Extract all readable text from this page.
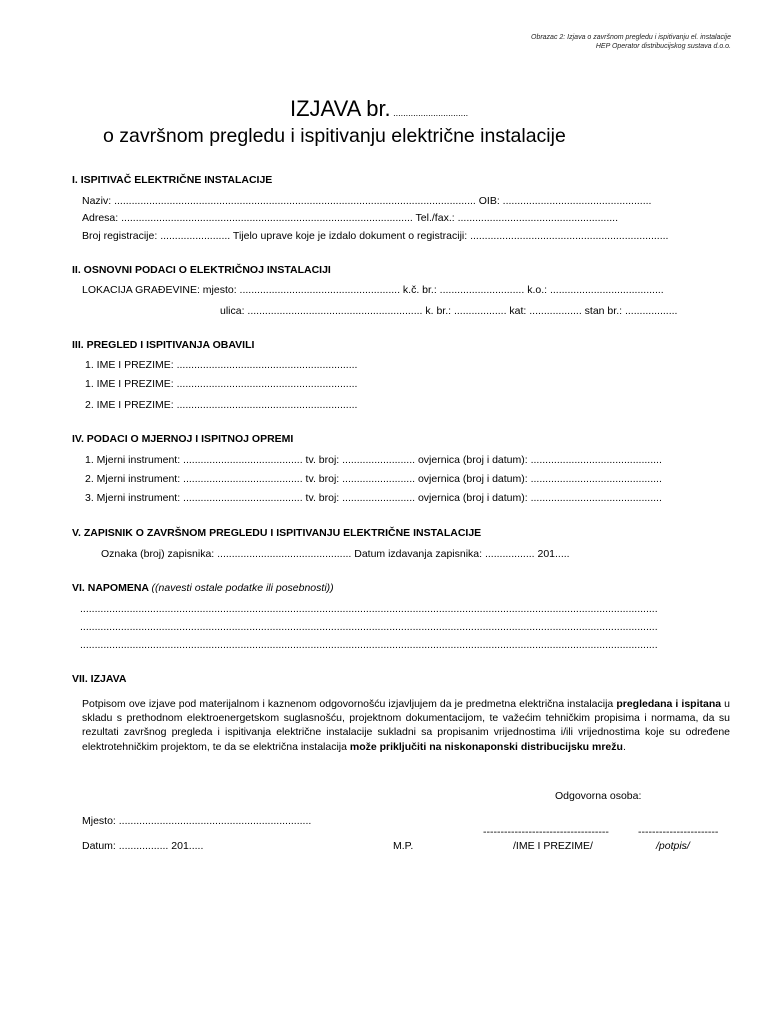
Obrazac 2: Izjava o završnom pregledu i ispitivanju el. instalacije
HEP Operator distribucijskog sustava d.o.o.
IZJAVA br. ..............................
o završnom pregledu i ispitivanju električne instalacije
I. ISPITIVAČ ELEKTRIČNE INSTALACIJE
Naziv: ............................................................................................................................ OIB: ...................................................
Adresa: .................................................................................................... Tel./fax.: .......................................................
Broj registracije: ........................ Tijelo uprave koje je izdalo dokument o registraciji: ....................................................................
II. OSNOVNI PODACI O ELEKTRIČNOJ INSTALACIJI
LOKACIJA GRAĐEVINE: mjesto: ....................................................... k.č. br.: ............................. k.o.: .......................................
ulica: ............................................................ k. br.: .................. kat: .................. stan br.: ..................
III. PREGLED I ISPITIVANJA OBAVILI
1. IME I PREZIME: ..............................................................
1. IME I PREZIME: ..............................................................
2. IME I PREZIME: ..............................................................
IV. PODACI O MJERNOJ I ISPITNOJ OPREMI
1. Mjerni instrument: ......................................... tv. broj: ......................... ovjernica (broj i datum): .............................................
2. Mjerni instrument: ......................................... tv. broj: ......................... ovjernica (broj i datum): .............................................
3. Mjerni instrument: ......................................... tv. broj: ......................... ovjernica (broj i datum): .............................................
V. ZAPISNIK O ZAVRŠNOM PREGLEDU I ISPITIVANJU ELEKTRIČNE INSTALACIJE
Oznaka (broj) zapisnika: .............................................. Datum izdavanja zapisnika: ................. 201.....
VI. NAPOMENA ((navesti ostale podatke ili posebnosti))
......................................................................................................................................................................................................
......................................................................................................................................................................................................
......................................................................................................................................................................................................
VII. IZJAVA
Potpisom ove izjave pod materijalnom i kaznenom odgovornošću izjavljujem da je predmetna električna instalacija pregledana i ispitana u skladu s prethodnom elektroenergetskom suglasnošću, projektnom dokumentacijom, te važećim tehničkim propisima i normama, da su rezultati završnog pregleda i ispitivanja električne instalacije sukladni sa propisanim vrijednostima i/ili vrijednostima koje su određene elektrotehničkim projektom, te da se električna instalacija može priključiti na niskonaponski distribucijsku mrežu.
Odgovorna osoba:
Mjesto: ..................................................................
------------------------------------	-----------------------
Datum: ................. 201.....	M.P.	/IME I PREZIME/	/potpis/
